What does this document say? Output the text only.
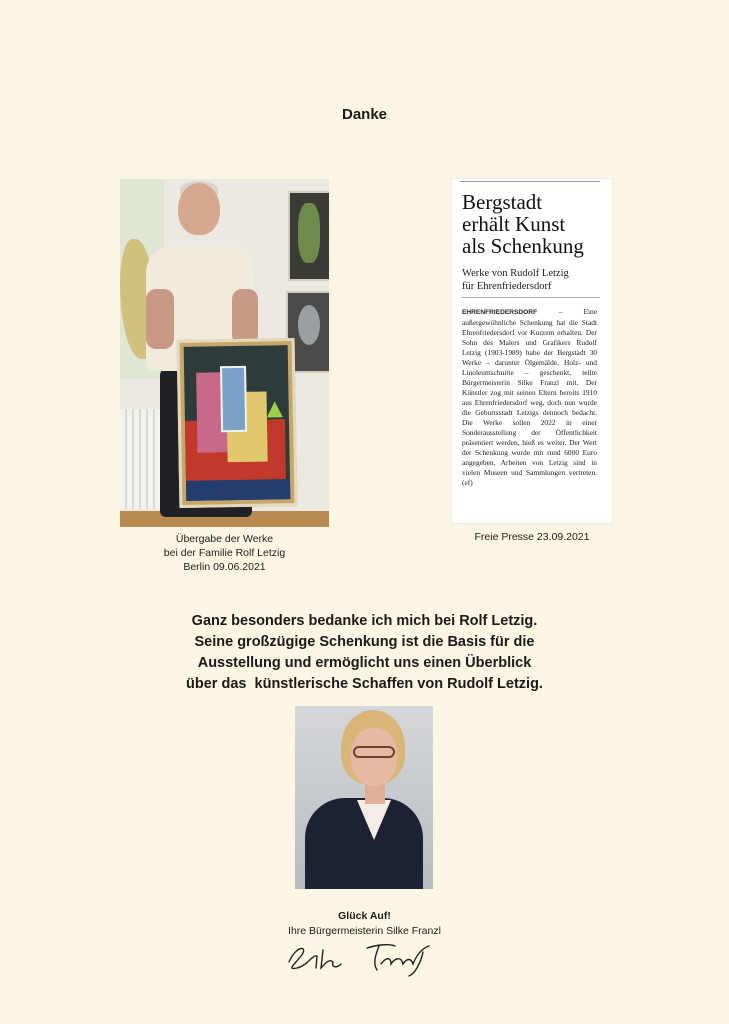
Danke
Übergabe der Werke
bei der Familie Rolf Letzig
Berlin 09.06.2021
Bergstadt
erhält Kunst
als Schenkung
Werke von Rudolf Letzig
für Ehrenfriedersdorf
EHRENFRIEDERSDORF	– Eine außergewöhnliche Schenkung hat die Stadt Ehrenfriedersdorf vor Kurzem erhalten. Der Sohn des Malers und Grafikers Rudolf Letzig (1903-1989) habe der Bergstadt 30 Werke – darunter Ölgemälde, Holz- und Linoleumschnitte – geschenkt, teilte Bürgermeisterin Silke Franzl mit. Der Künstler zog mit seinen Eltern bereits 1910 aus Ehrenfriedersdorf weg, doch nun wurde die Geburtsstadt Letzigs dennoch bedacht. Die Werke sollen 2022 in einer Sonderausstellung der Öffentlichkeit präsentiert werden, hieß es weiter. Der Wert der Schenkung wurde mit rund 6000 Euro angegeben. Arbeiten von Letzig sind in vielen Museen und Sammlungen vertreten. (ef)
Freie Presse 23.09.2021
Ganz besonders bedanke ich mich bei Rolf Letzig.
Seine großzügige Schenkung ist die Basis für die
Ausstellung und ermöglicht uns einen Überblick
über das  künstlerische Schaffen von Rudolf Letzig.
Glück Auf!
Ihre Bürgermeisterin Silke Franzl
